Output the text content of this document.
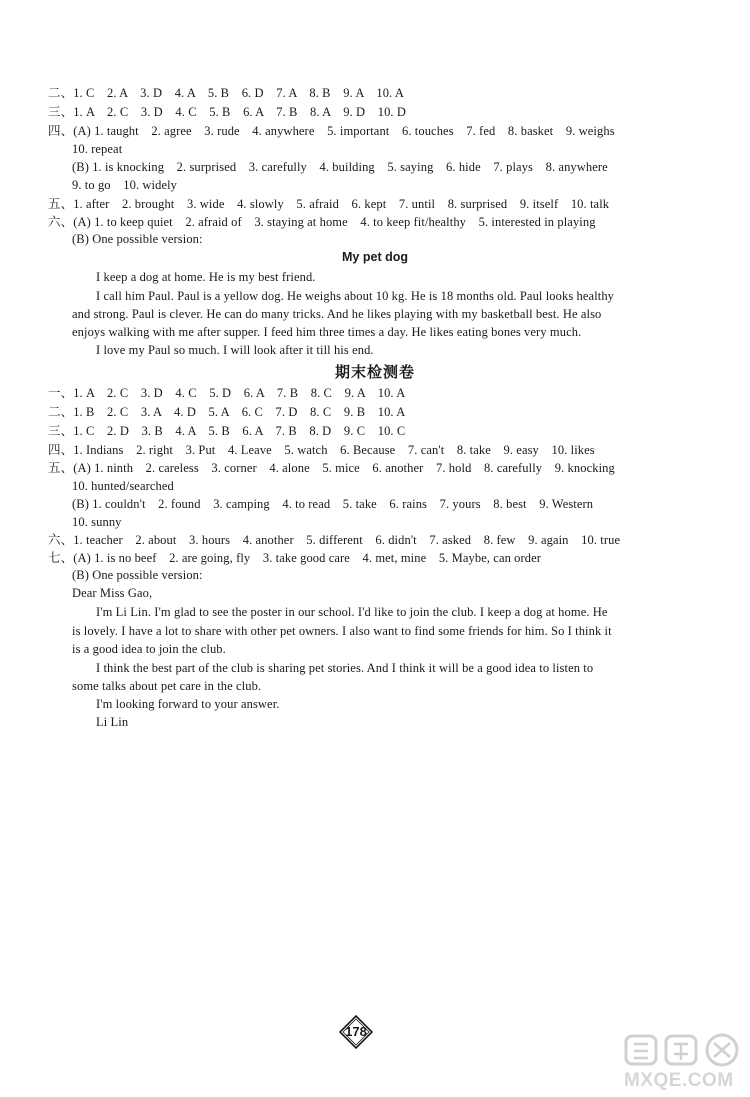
二、1. C　2. A　3. D　4. A　5. B　6. D　7. A　8. B　9. A　10. A
三、1. A　2. C　3. D　4. C　5. B　6. A　7. B　8. A　9. D　10. D
四、(A) 1. taught　2. agree　3. rude　4. anywhere　5. important　6. touches　7. fed　8. basket　9. weighs
10. repeat
(B) 1. is knocking　2. surprised　3. carefully　4. building　5. saying　6. hide　7. plays　8. anywhere
9. to go　10. widely
五、1. after　2. brought　3. wide　4. slowly　5. afraid　6. kept　7. until　8. surprised　9. itself　10. talk
六、(A) 1. to keep quiet　2. afraid of　3. staying at home　4. to keep fit/healthy　5. interested in playing
(B) One possible version:
My pet dog
I keep a dog at home. He is my best friend.
I call him Paul. Paul is a yellow dog. He weighs about 10 kg. He is 18 months old. Paul looks healthy
and strong. Paul is clever. He can do many tricks. And he likes playing with my basketball best. He also
enjoys walking with me after supper. I feed him three times a day. He likes eating bones very much.
I love my Paul so much. I will look after it till his end.
期末检测卷
一、1. A　2. C　3. D　4. C　5. D　6. A　7. B　8. C　9. A　10. A
二、1. B　2. C　3. A　4. D　5. A　6. C　7. D　8. C　9. B　10. A
三、1. C　2. D　3. B　4. A　5. B　6. A　7. B　8. D　9. C　10. C
四、1. Indians　2. right　3. Put　4. Leave　5. watch　6. Because　7. can't　8. take　9. easy　10. likes
五、(A) 1. ninth　2. careless　3. corner　4. alone　5. mice　6. another　7. hold　8. carefully　9. knocking
10. hunted/searched
(B) 1. couldn't　2. found　3. camping　4. to read　5. take　6. rains　7. yours　8. best　9. Western
10. sunny
六、1. teacher　2. about　3. hours　4. another　5. different　6. didn't　7. asked　8. few　9. again　10. true
七、(A) 1. is no beef　2. are going, fly　3. take good care　4. met, mine　5. Maybe, can order
(B) One possible version:
Dear Miss Gao,
I'm Li Lin. I'm glad to see the poster in our school. I'd like to join the club. I keep a dog at home. He
is lovely. I have a lot to share with other pet owners. I also want to find some friends for him. So I think it
is a good idea to join the club.
I think the best part of the club is sharing pet stories. And I think it will be a good idea to listen to
some talks about pet care in the club.
I'm looking forward to your answer.
Li Lin
178
MXQE.COM
